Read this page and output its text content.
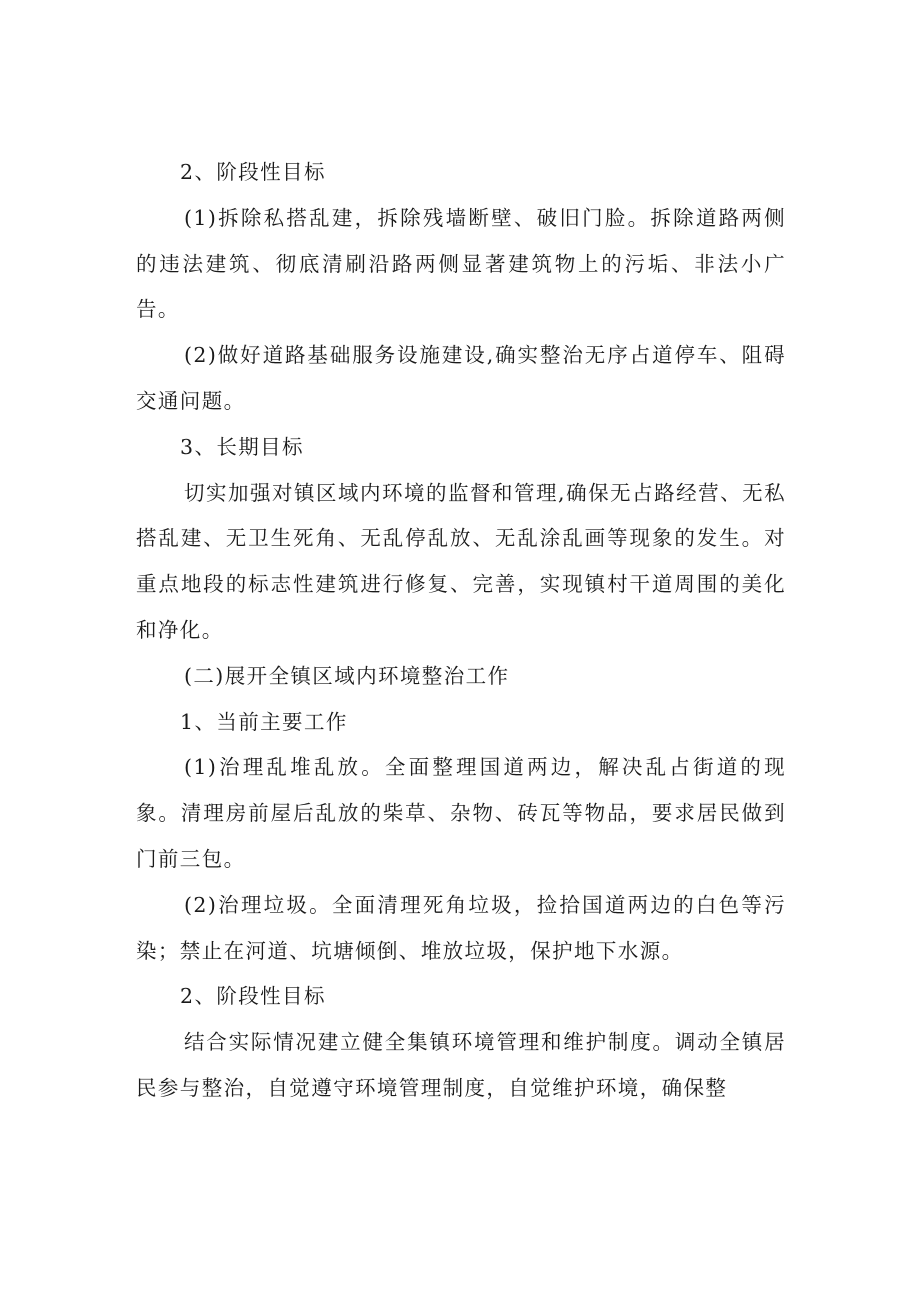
2、阶段性目标

(1)拆除私搭乱建，拆除残墙断壁、破旧门脸。拆除道路两侧的违法建筑、彻底清刷沿路两侧显著建筑物上的污垢、非法小广告。

(2)做好道路基础服务设施建设,确实整治无序占道停车、阻碍交通问题。

3、长期目标

切实加强对镇区域内环境的监督和管理,确保无占路经营、无私搭乱建、无卫生死角、无乱停乱放、无乱涂乱画等现象的发生。对重点地段的标志性建筑进行修复、完善，实现镇村干道周围的美化和净化。

(二)展开全镇区域内环境整治工作

1、当前主要工作

(1)治理乱堆乱放。全面整理国道两边，解决乱占街道的现象。清理房前屋后乱放的柴草、杂物、砖瓦等物品，要求居民做到门前三包。

(2)治理垃圾。全面清理死角垃圾，捡拾国道两边的白色等污染；禁止在河道、坑塘倾倒、堆放垃圾，保护地下水源。

2、阶段性目标

结合实际情况建立健全集镇环境管理和维护制度。调动全镇居民参与整治，自觉遵守环境管理制度，自觉维护环境，确保整
